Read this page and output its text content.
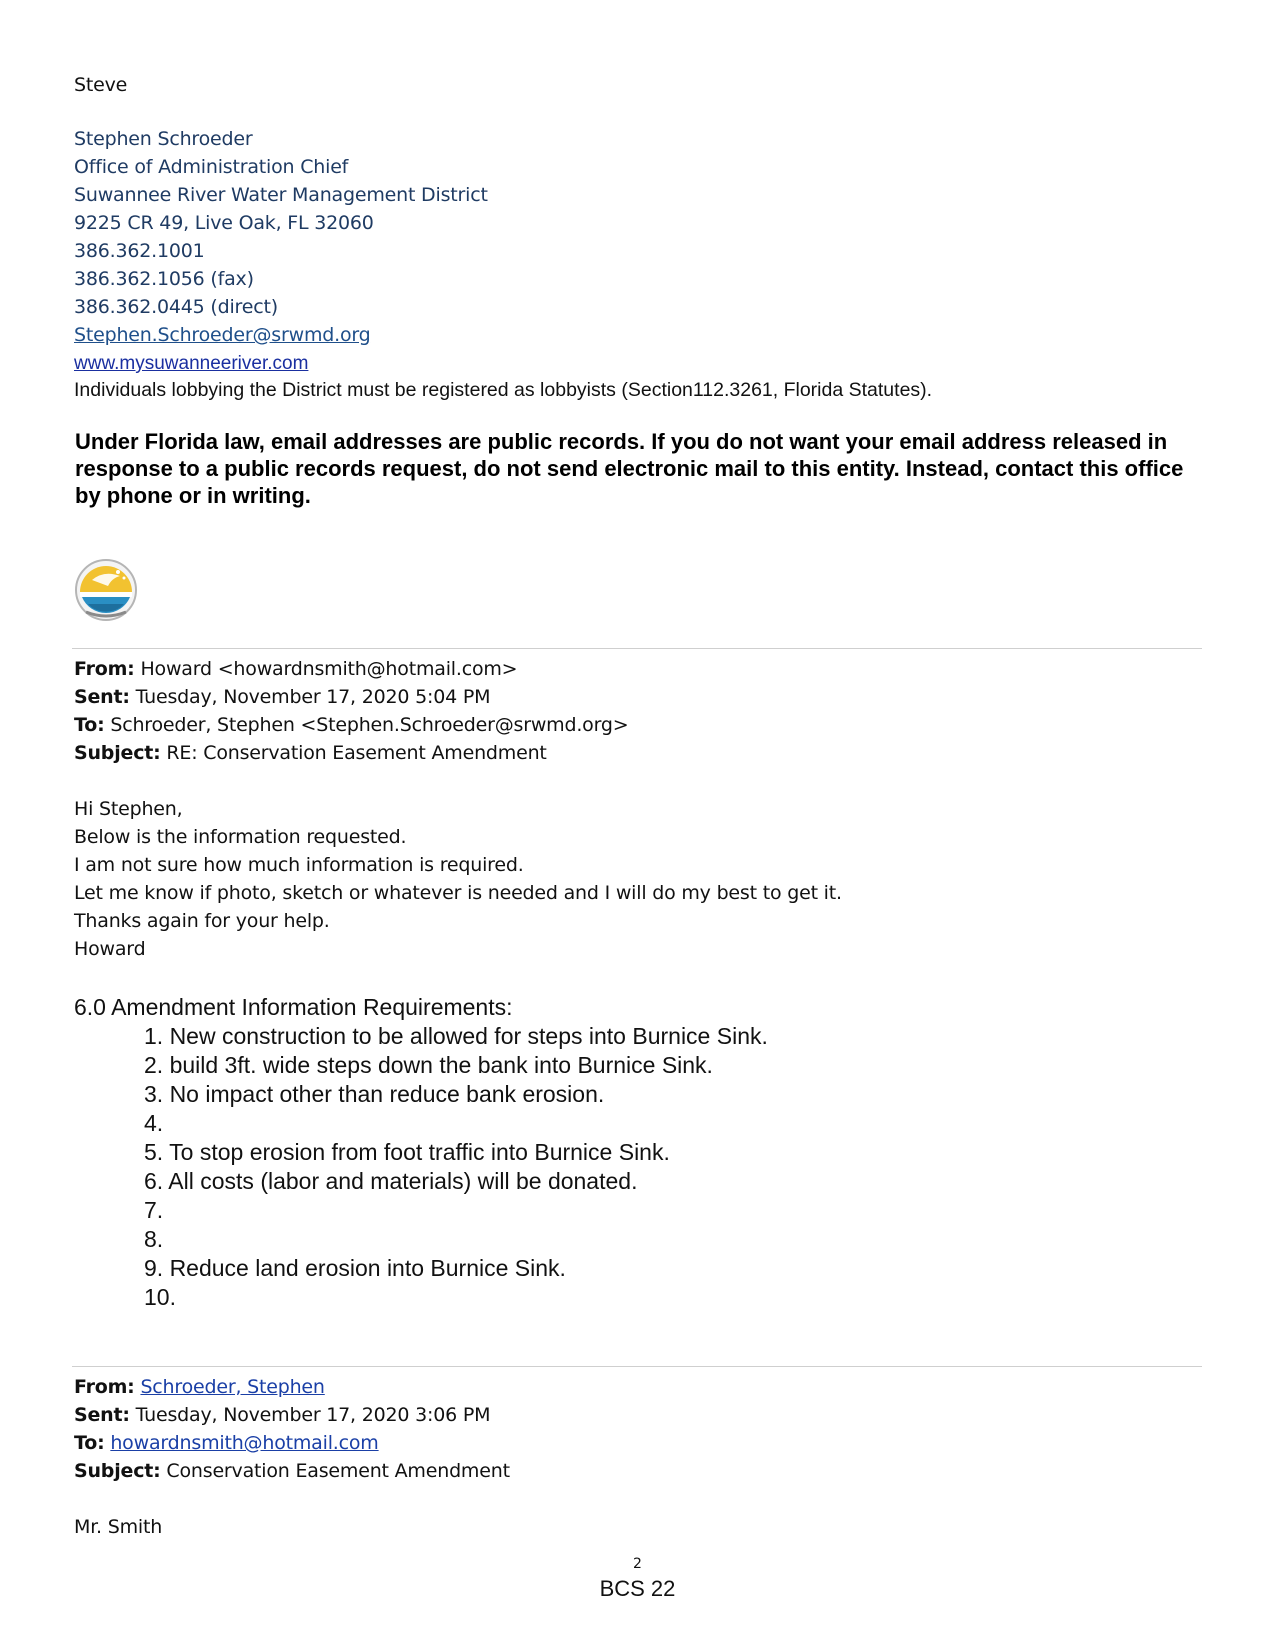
Steve
Stephen Schroeder
Office of Administration Chief
Suwannee River Water Management District
9225 CR 49, Live Oak, FL 32060
386.362.1001
386.362.1056 (fax)
386.362.0445 (direct)
Stephen.Schroeder@srwmd.org
www.mysuwanneeriver.com
Individuals lobbying the District must be registered as lobbyists (Section112.3261, Florida Statutes).
Under Florida law, email addresses are public records. If you do not want your email address released in response to a public records request, do not send electronic mail to this entity. Instead, contact this office by phone or in writing.
From: Howard <howardnsmith@hotmail.com>
Sent: Tuesday, November 17, 2020 5:04 PM
To: Schroeder, Stephen <Stephen.Schroeder@srwmd.org>
Subject: RE: Conservation Easement Amendment
Hi Stephen,
Below is the information requested.
I am not sure how much information is required.
Let me know if photo, sketch or whatever is needed and I will do my best to get it.
Thanks again for your help.
Howard
6.0 Amendment Information Requirements:
1. New construction to be allowed for steps into Burnice Sink.
2. build 3ft. wide steps down the bank into Burnice Sink.
3. No impact other than reduce bank erosion.
4.
5. To stop erosion from foot traffic into Burnice Sink.
6. All costs (labor and materials) will be donated.
7.
8.
9. Reduce land erosion into Burnice Sink.
10.
From: Schroeder, Stephen
Sent: Tuesday, November 17, 2020 3:06 PM
To: howardnsmith@hotmail.com
Subject: Conservation Easement Amendment
Mr. Smith
2
BCS 22
